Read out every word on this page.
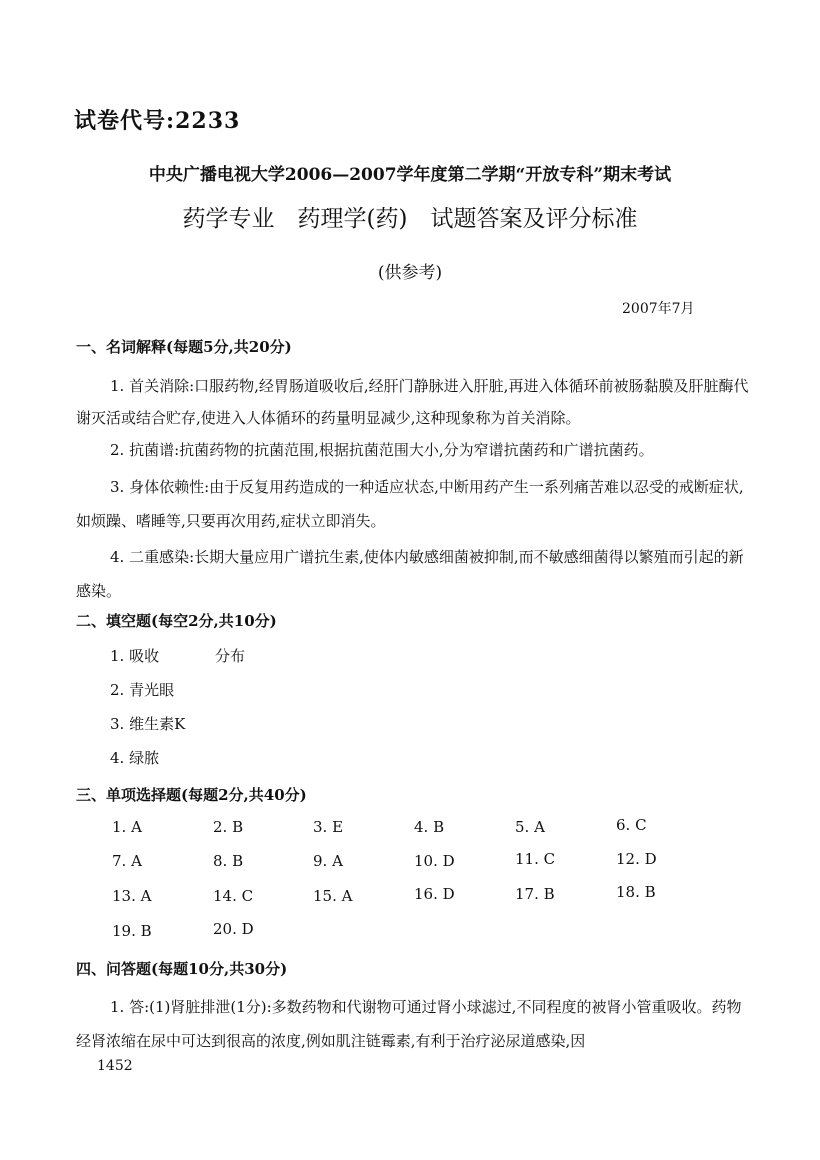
试卷代号:2233
中央广播电视大学2006—2007学年度第二学期“开放专科”期末考试
药学专业　药理学(药)　试题答案及评分标准
(供参考)
2007年7月
一、名词解释(每题5分,共20分)
1. 首关消除:口服药物,经胃肠道吸收后,经肝门静脉进入肝脏,再进入体循环前被肠黏膜及肝脏酶代谢灭活或结合贮存,使进入人体循环的药量明显减少,这种现象称为首关消除。
2. 抗菌谱:抗菌药物的抗菌范围,根据抗菌范围大小,分为窄谱抗菌药和广谱抗菌药。
3. 身体依赖性:由于反复用药造成的一种适应状态,中断用药产生一系列痛苦难以忍受的戒断症状,如烦躁、嗜睡等,只要再次用药,症状立即消失。
4. 二重感染:长期大量应用广谱抗生素,使体内敏感细菌被抑制,而不敏感细菌得以繁殖而引起的新感染。
二、填空题(每空2分,共10分)
1. 吸收	分布
2. 青光眼
3. 维生素K
4. 绿脓
三、单项选择题(每题2分,共40分)
1. A	2. B	3. E	4. B	5. A	6. C
7. A	8. B	9. A	10. D	11. C	12. D
13. A	14. C	15. A	16. D	17. B	18. B
19. B	20. D
四、问答题(每题10分,共30分)
1. 答:(1)肾脏排泄(1分):多数药物和代谢物可通过肾小球滤过,不同程度的被肾小管重吸收。药物经肾浓缩在尿中可达到很高的浓度,例如肌注链霉素,有利于治疗泌尿道感染,因
1452
